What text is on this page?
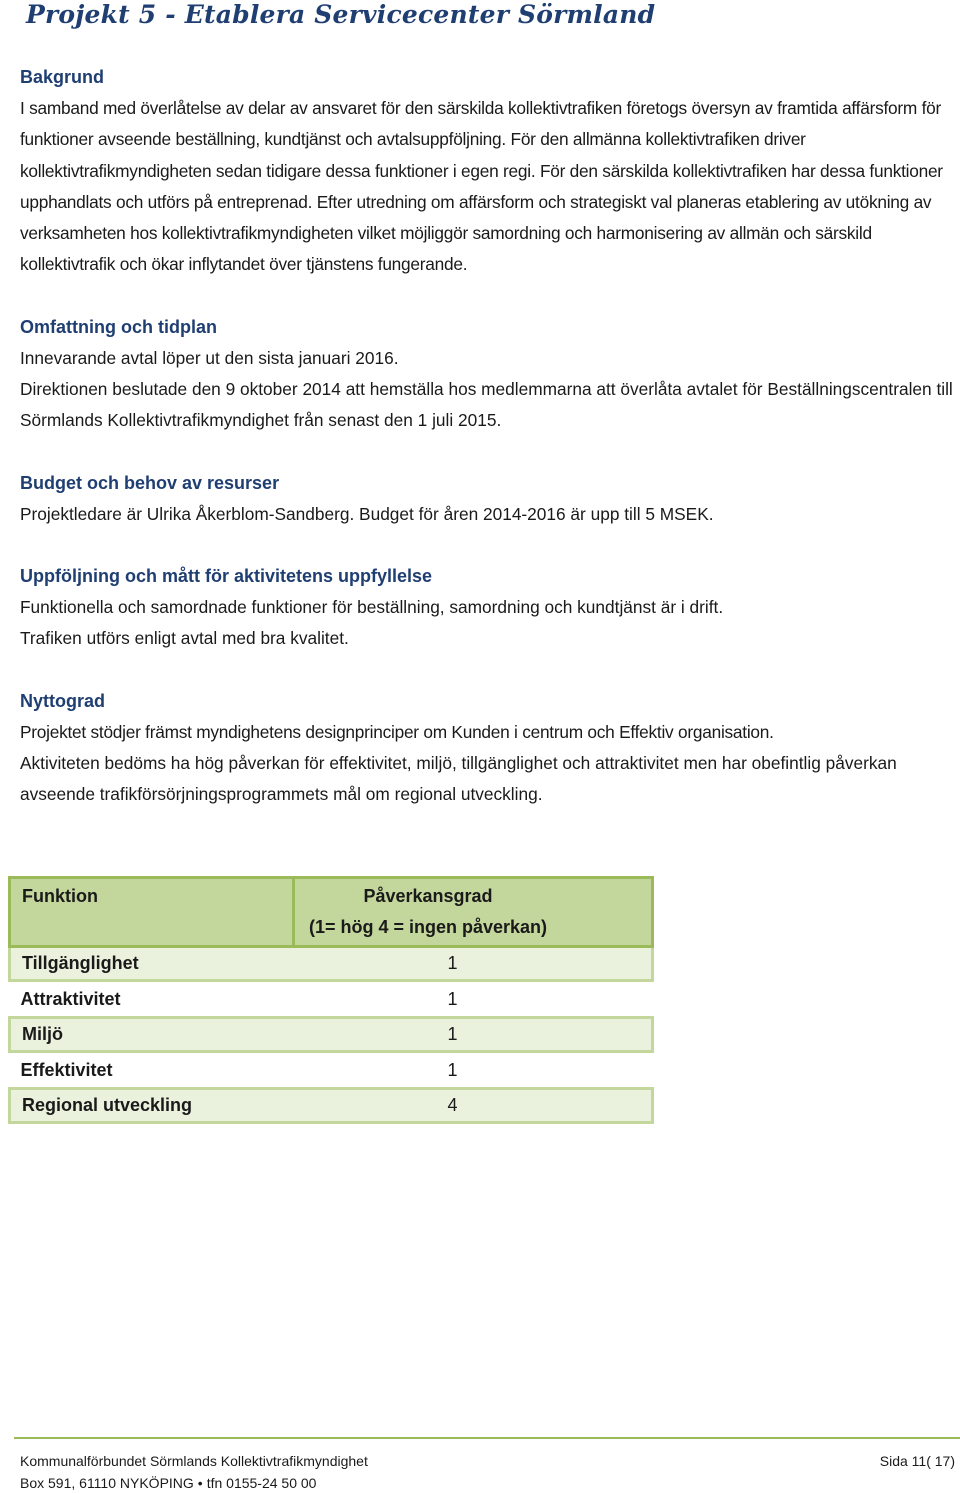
Projekt 5 - Etablera Servicecenter Sörmland
Bakgrund
I samband med överlåtelse av delar av ansvaret för den särskilda kollektivtrafiken företogs översyn av framtida affärsform för funktioner avseende beställning, kundtjänst och avtalsuppföljning. För den allmänna kollektivtrafiken driver kollektivtrafikmyndigheten sedan tidigare dessa funktioner i egen regi. För den särskilda kollektivtrafiken har dessa funktioner upphandlats och utförs på entreprenad. Efter utredning om affärsform och strategiskt val planeras etablering av utökning av verksamheten hos kollektivtrafikmyndigheten vilket möjliggör samordning och harmonisering av allmän och särskild kollektivtrafik och ökar inflytandet över tjänstens fungerande.
Omfattning och tidplan
Innevarande avtal löper ut den sista januari 2016.
Direktionen beslutade den 9 oktober 2014 att hemställa hos medlemmarna att överlåta avtalet för Beställningscentralen till Sörmlands Kollektivtrafikmyndighet från senast den 1 juli 2015.
Budget och behov av resurser
Projektledare är Ulrika Åkerblom-Sandberg. Budget för åren 2014-2016 är upp till 5 MSEK.
Uppföljning och mått för aktivitetens uppfyllelse
Funktionella och samordnade funktioner för beställning, samordning och kundtjänst är i drift.
Trafiken utförs enligt avtal med bra kvalitet.
Nyttograd
Projektet stödjer främst myndighetens designprinciper om Kunden i centrum och Effektiv organisation.
Aktiviteten bedöms ha hög påverkan för effektivitet, miljö, tillgänglighet och attraktivitet men har obefintlig påverkan avseende trafikförsörjningsprogrammets mål om regional utveckling.
Funktion	Påverkansgrad
(1= hög 4 = ingen påverkan)

Tillgänglighet	1
Attraktivitet	1
Miljö	1
Effektivitet	1
Regional utveckling	4
Kommunalförbundet Sörmlands Kollektivtrafikmyndighet
Box 591, 61110 NYKÖPING • tfn 0155-24 50 00
Sida 11( 17)
